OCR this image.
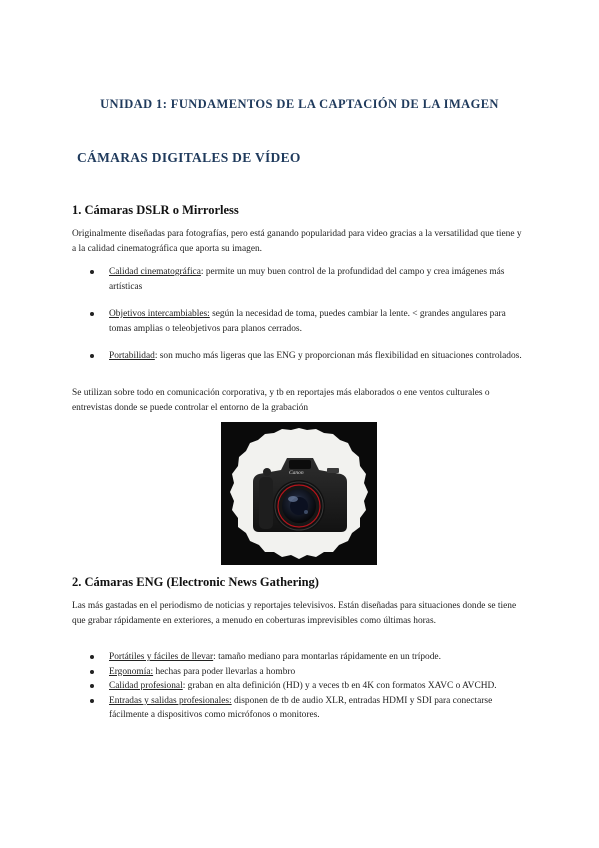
UNIDAD 1: FUNDAMENTOS DE LA CAPTACIÓN DE LA IMAGEN
CÁMARAS DIGITALES DE VÍDEO
1. Cámaras DSLR o Mirrorless
Originalmente diseñadas para fotografías, pero está ganando popularidad para video gracias a la versatilidad que tiene y a la calidad cinematográfica que aporta su imagen.
Calidad cinematográfica: permite un muy buen control de la profundidad del campo y crea imágenes más artísticas
Objetivos intercambiables: según la necesidad de toma, puedes cambiar la lente. < grandes angulares para tomas amplias o teleobjetivos para planos cerrados.
Portabilidad: son mucho más ligeras que las ENG y proporcionan más flexibilidad en situaciones controlados.
Se utilizan sobre todo en comunicación corporativa, y tb en reportajes más elaborados o ene ventos culturales o entrevistas donde se puede controlar el entorno de la grabación
Canon
2. Cámaras ENG (Electronic News Gathering)
Las más gastadas en el periodismo de noticias y reportajes televisivos. Están diseñadas para situaciones donde se tiene que grabar rápidamente en exteriores, a menudo en coberturas imprevisibles como últimas horas.
Portátiles y fáciles de llevar: tamaño mediano para montarlas rápidamente en un trípode.
Ergonomía: hechas para poder llevarlas a hombro
Calidad profesional: graban en alta definición (HD) y a veces tb en 4K con formatos XAVC o AVCHD.
Entradas y salidas profesionales: disponen de tb de audio XLR, entradas HDMI y SDI para conectarse fácilmente a dispositivos como micrófonos o monitores.
